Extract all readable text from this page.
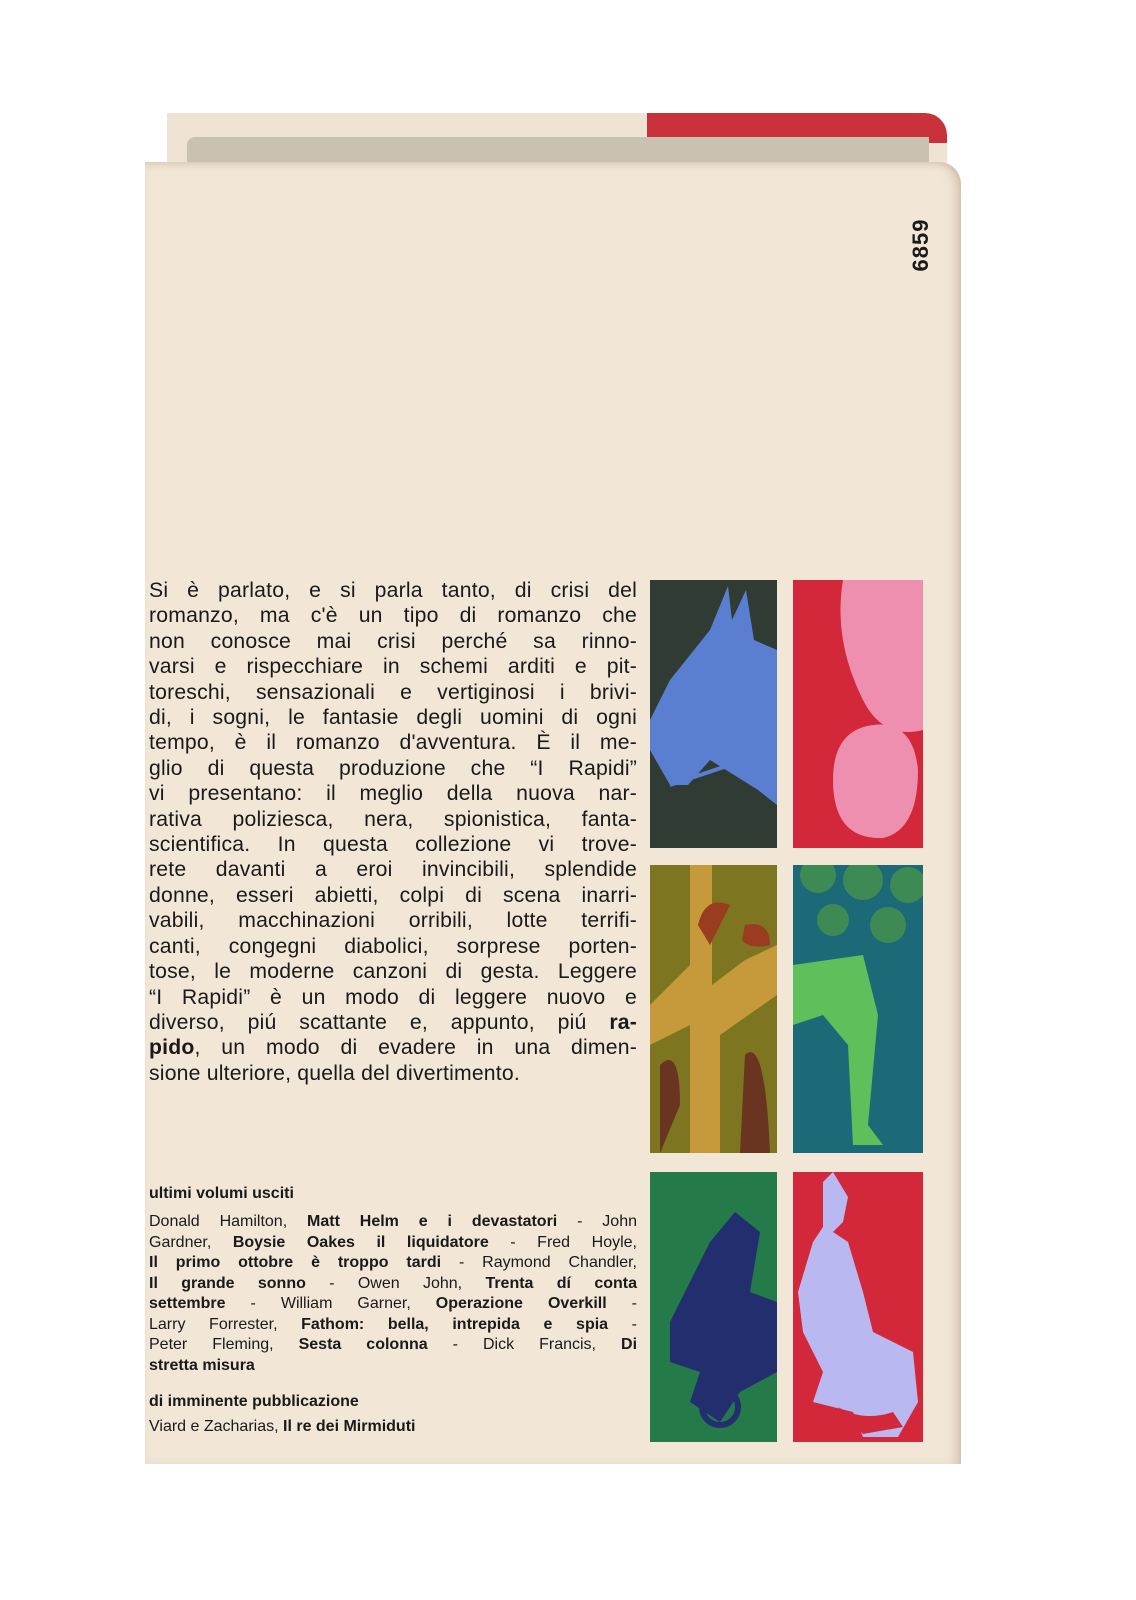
6859
Si è parlato, e si parla tanto, di crisi del
romanzo, ma c'è un tipo di romanzo che
non conosce mai crisi perché sa rinno-
varsi e rispecchiare in schemi arditi e pit-
toreschi, sensazionali e vertiginosi i brivi-
di, i sogni, le fantasie degli uomini di ogni
tempo, è il romanzo d'avventura. È il me-
glio di questa produzione che “I Rapidi”
vi presentano: il meglio della nuova nar-
rativa poliziesca, nera, spionistica, fanta-
scientifica. In questa collezione vi trove-
rete davanti a eroi invincibili, splendide
donne, esseri abietti, colpi di scena inarri-
vabili, macchinazioni orribili, lotte terrifi-
canti, congegni diabolici, sorprese porten-
tose, le moderne canzoni di gesta. Leggere
“I Rapidi” è un modo di leggere nuovo e
diverso, piú scattante e, appunto, piú ra-
pido, un modo di evadere in una dimen-
sione ulteriore, quella del divertimento.
ultimi volumi usciti
Donald Hamilton, Matt Helm e i devastatori - John
Gardner, Boysie Oakes il liquidatore - Fred Hoyle,
Il primo ottobre è troppo tardi - Raymond Chandler,
Il grande sonno - Owen John, Trenta dí conta
settembre - William Garner, Operazione Overkill -
Larry Forrester, Fathom: bella, intrepida e spia -
Peter Fleming, Sesta colonna - Dick Francis, Di
stretta misura
di imminente pubblicazione
Viard e Zacharias, Il re dei Mirmiduti
